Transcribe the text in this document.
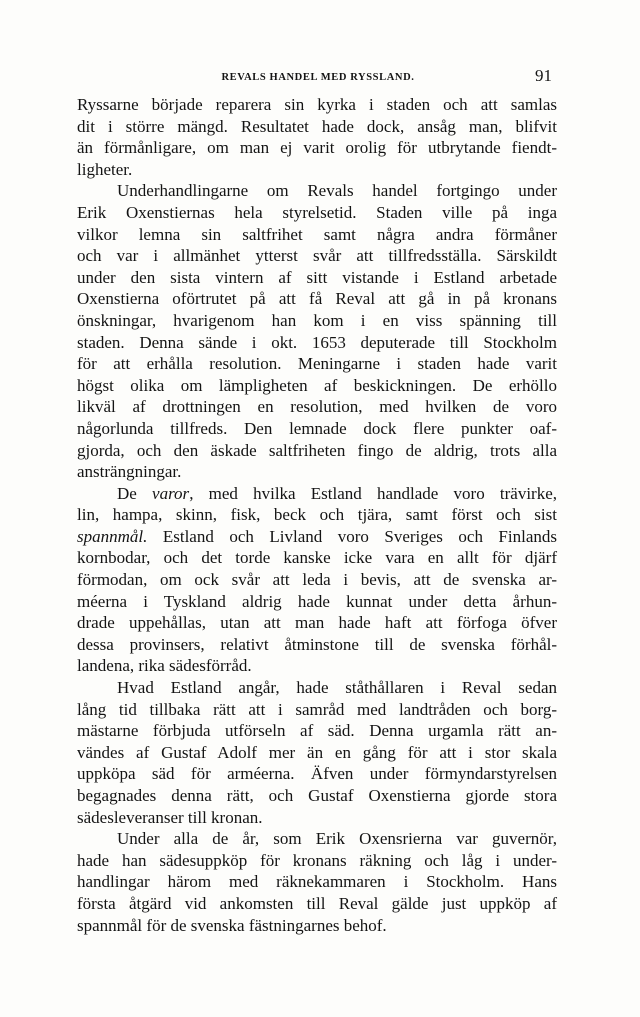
REVALS HANDEL MED RYSSLAND.	91
Ryssarne började reparera sin kyrka i staden och att samlas
dit i större mängd. Resultatet hade dock, ansåg man, blifvit
än förmånligare, om man ej varit orolig för utbrytande fiendt-
ligheter.
Underhandlingarne om Revals handel fortgingo under
Erik Oxenstiernas hela styrelsetid. Staden ville på inga
vilkor lemna sin saltfrihet samt några andra förmåner
och var i allmänhet ytterst svår att tillfredsställa. Särskildt
under den sista vintern af sitt vistande i Estland arbetade
Oxenstierna oförtrutet på att få Reval att gå in på kronans
önskningar, hvarigenom han kom i en viss spänning till
staden. Denna sände i okt. 1653 deputerade till Stockholm
för att erhålla resolution. Meningarne i staden hade varit
högst olika om lämpligheten af beskickningen. De erhöllo
likväl af drottningen en resolution, med hvilken de voro
någorlunda tillfreds. Den lemnade dock flere punkter oaf-
gjorda, och den äskade saltfriheten fingo de aldrig, trots alla
ansträngningar.
De varor, med hvilka Estland handlade voro trävirke,
lin, hampa, skinn, fisk, beck och tjära, samt först och sist
spannmål. Estland och Livland voro Sveriges och Finlands
kornbodar, och det torde kanske icke vara en allt för djärf
förmodan, om ock svår att leda i bevis, att de svenska ar-
méerna i Tyskland aldrig hade kunnat under detta århun-
drade uppehållas, utan att man hade haft att förfoga öfver
dessa provinsers, relativt åtminstone till de svenska förhål-
landena, rika sädesförråd.
Hvad Estland angår, hade ståthållaren i Reval sedan
lång tid tillbaka rätt att i samråd med landtråden och borg-
mästarne förbjuda utförseln af säd. Denna urgamla rätt an-
vändes af Gustaf Adolf mer än en gång för att i stor skala
uppköpa säd för arméerna. Äfven under förmyndarstyrelsen
begagnades denna rätt, och Gustaf Oxenstierna gjorde stora
sädesleveranser till kronan.
Under alla de år, som Erik Oxensrierna var guvernör,
hade han sädesuppköp för kronans räkning och låg i under-
handlingar härom med räknekammaren i Stockholm. Hans
första åtgärd vid ankomsten till Reval gälde just uppköp af
spannmål för de svenska fästningarnes behof.
